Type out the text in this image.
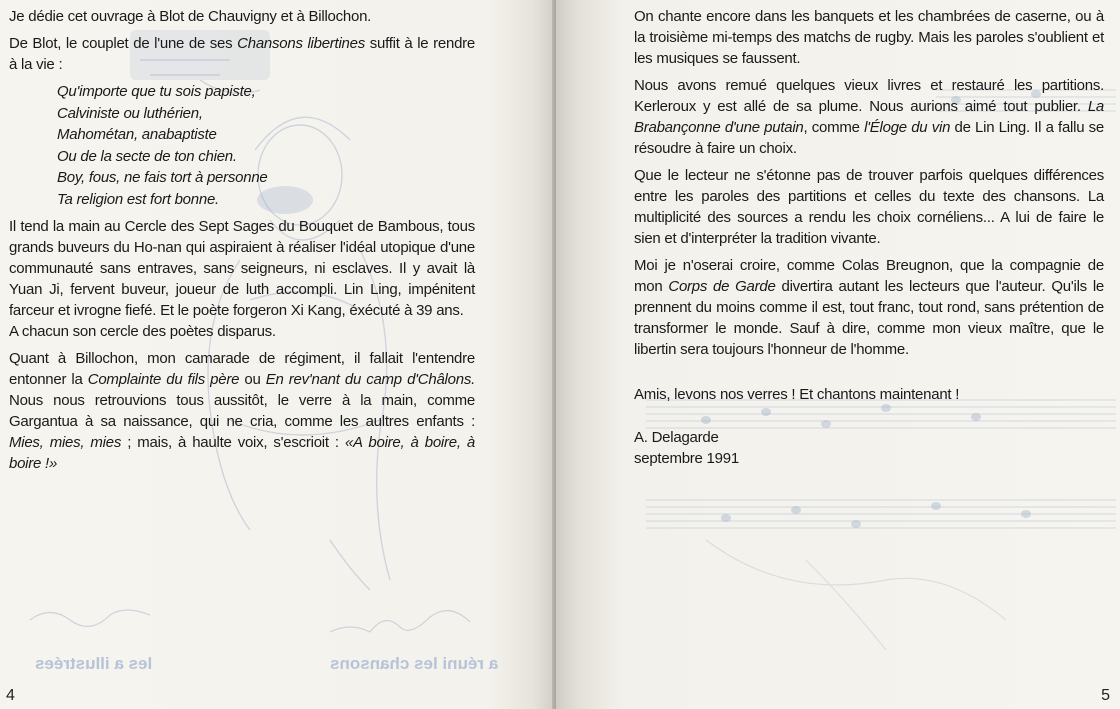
a réuni les chansons
les a illustrées

Je dédie cet ouvrage à Blot de Chauvigny et à Billochon.

De Blot, le couplet de l'une de ses Chansons libertines suffit à le rendre à la vie :

Qu'importe que tu sois papiste,
Calviniste ou luthérien,
Mahométan, anabaptiste
Ou de la secte de ton chien.
Boy, fous, ne fais tort à personne
Ta religion est fort bonne.

Il tend la main au Cercle des Sept Sages du Bouquet de Bambous, tous grands buveurs du Ho-nan qui aspiraient à réaliser l'idéal utopique d'une communauté sans entraves, sans seigneurs, ni esclaves. Il y avait là Yuan Ji, fervent buveur, joueur de luth accompli. Lin Ling, impénitent farceur et ivrogne fiefé. Et le poète forgeron Xi Kang, éxécuté à 39 ans.

A chacun son cercle des poètes disparus.

Quant à Billochon, mon camarade de régiment, il fallait l'entendre entonner la Complainte du fils père ou En rev'nant du camp d'Châlons. Nous nous retrouvions tous aussitôt, le verre à la main, comme Gargantua à sa naissance, qui ne cria, comme les aultres enfants : Mies, mies, mies ; mais, à haulte voix, s'escrioit : «A boire, à boire, à boire !»

4

On chante encore dans les banquets et les chambrées de caserne, ou à la troisième mi-temps des matchs de rugby. Mais les paroles s'oublient et les musiques se faussent.

Nous avons remué quelques vieux livres et restauré les partitions. Kerleroux y est allé de sa plume. Nous aurions aimé tout publier. La Brabançonne d'une putain, comme l'Éloge du vin de Lin Ling. Il a fallu se résoudre à faire un choix.

Que le lecteur ne s'étonne pas de trouver parfois quelques différences entre les paroles des partitions et celles du texte des chansons. La multiplicité des sources a rendu les choix cornéliens... A lui de faire le sien et d'interpréter la tradition vivante.

Moi je n'oserai croire, comme Colas Breugnon, que la compagnie de mon Corps de Garde divertira autant les lecteurs que l'auteur. Qu'ils le prennent du moins comme il est, tout franc, tout rond, sans prétention de transformer le monde. Sauf à dire, comme mon vieux maître, que le libertin sera toujours l'honneur de l'homme.

Amis, levons nos verres ! Et chantons maintenant !

A. Delagarde
septembre 1991
5
